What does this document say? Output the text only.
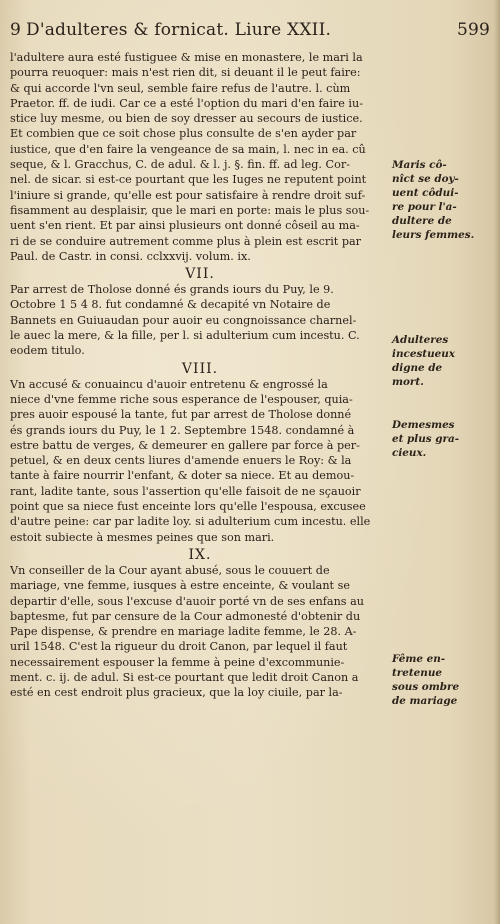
9 D'adulteres & fornicat. Liure XXII.	599
l'adultere aura esté fustiguee & mise en monastere, le mari la
pourra reuoquer: mais n'est rien dit, si deuant il le peut faire:
& qui accorde l'vn seul, semble faire refus de l'autre. l. cùm
Praetor. ff. de iudi. Car ce a esté l'option du mari d'en faire iu-
stice luy mesme, ou bien de soy dresser au secours de iustice.
Et combien que ce soit chose plus consulte de s'en ayder par
iustice, que d'en faire la vengeance de sa main, l. nec in ea. cû
seque, & l. Gracchus, C. de adul. & l. j. §. fin. ff. ad leg. Cor-
nel. de sicar. si est-ce pourtant que les Iuges ne reputent point
l'iniure si grande, qu'elle est pour satisfaire à rendre droit suf-
fisamment au desplaisir, que le mari en porte: mais le plus sou-
uent s'en rient. Et par ainsi plusieurs ont donné côseil au ma-
ri de se conduire autrement comme plus à plein est escrit par
Paul. de Castr. in consi. cclxxvij. volum. ix.
VII.
Par arrest de Tholose donné és grands iours du Puy, le 9.
Octobre 1 5 4 8. fut condamné & decapité vn Notaire de
Bannets en Guiuaudan pour auoir eu congnoissance charnel-
le auec la mere, & la fille, per l. si adulterium cum incestu. C.
eodem titulo.
VIII.
Vn accusé & conuaincu d'auoir entretenu & engrossé la
niece d'vne femme riche sous esperance de l'espouser, quia-
pres auoir espousé la tante, fut par arrest de Tholose donné
és grands iours du Puy, le 1 2. Septembre 1548. condamné à
estre battu de verges, & demeurer en gallere par force à per-
petuel, & en deux cents liures d'amende enuers le Roy: & la
tante à faire nourrir l'enfant, & doter sa niece. Et au demou-
rant, ladite tante, sous l'assertion qu'elle faisoit de ne sçauoir
point que sa niece fust enceinte lors qu'elle l'espousa, excusee
d'autre peine: car par ladite loy. si adulterium cum incestu. elle
estoit subiecte à mesmes peines que son mari.
IX.
Vn conseiller de la Cour ayant abusé, sous le couuert de
mariage, vne femme, iusques à estre enceinte, & voulant se
departir d'elle, sous l'excuse d'auoir porté vn de ses enfans au
baptesme, fut par censure de la Cour admonesté d'obtenir du
Pape dispense, & prendre en mariage ladite femme, le 28. A-
uril 1548. C'est la rigueur du droit Canon, par lequel il faut
necessairement espouser la femme à peine d'excommunie-
ment. c. ij. de adul. Si est-ce pourtant que ledit droit Canon a
esté en cest endroit plus gracieux, que la loy ciuile, par la-
Maris cô-
nîct se doy-
uent côdui-
re pour l'a-
dultere de
leurs femmes.
Adulteres
incestueux
digne de
mort.
Demesmes
et plus gra-
cieux.
Fême en-
tretenue
sous ombre
de mariage
